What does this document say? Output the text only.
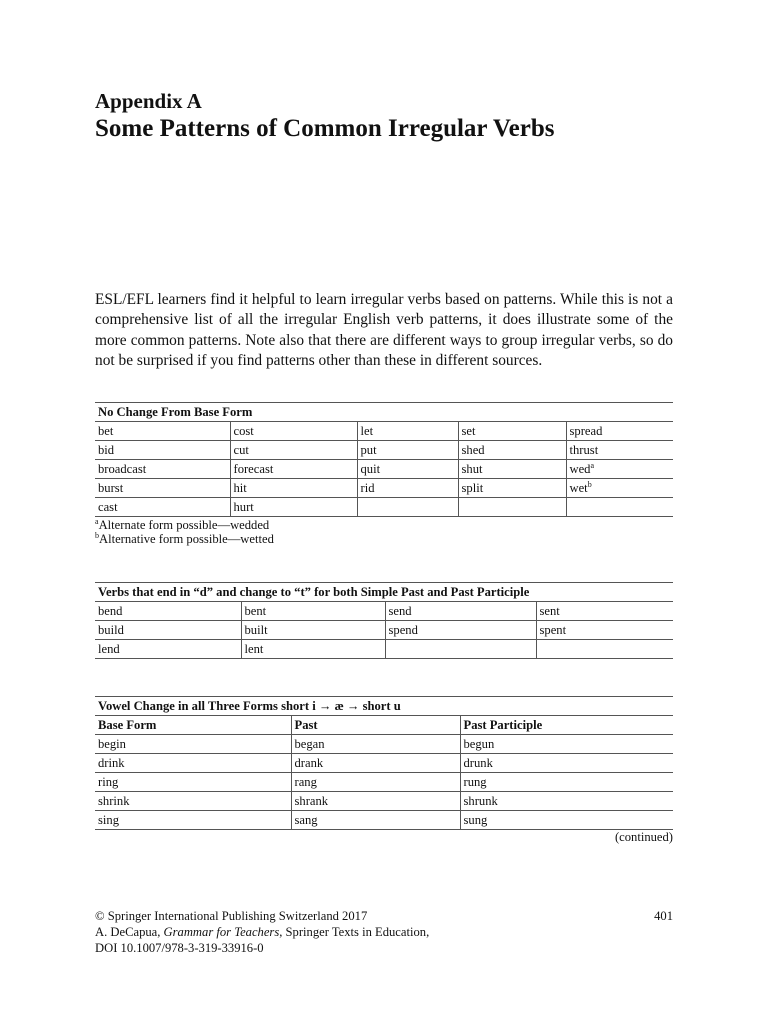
Appendix A
Some Patterns of Common Irregular Verbs

ESL/EFL learners find it helpful to learn irregular verbs based on patterns. While this is not a comprehensive list of all the irregular English verb patterns, it does illustrate some of the more common patterns. Note also that there are different ways to group irregular verbs, so do not be surprised if you find patterns other than these in different sources.

No Change From Base Form				
bet	cost	let	set	spread
bid	cut	put	shed	thrust
broadcast	forecast	quit	shut	wed$^a$
burst	hit	rid	split	wet$^b$
cast	hurt			
$^a$Alternate form possible—wedded
$^b$Alternative form possible—wetted
Verbs that end in “d” and change to “t” for both Simple Past and Past Participle			
bend	bent	send	sent
build	built	spend	spent
lend	lent		
Vowel Change in all Three Forms short i → æ → short u		
Base Form	Past	Past Participle
begin	began	begun
drink	drank	drunk
ring	rang	rung
shrink	shrank	shrunk
sing	sang	sung
(continued)
© Springer International Publishing Switzerland 2017
A. DeCapua, Grammar for Teachers, Springer Texts in Education,
DOI 10.1007/978-3-319-33916-0
401
